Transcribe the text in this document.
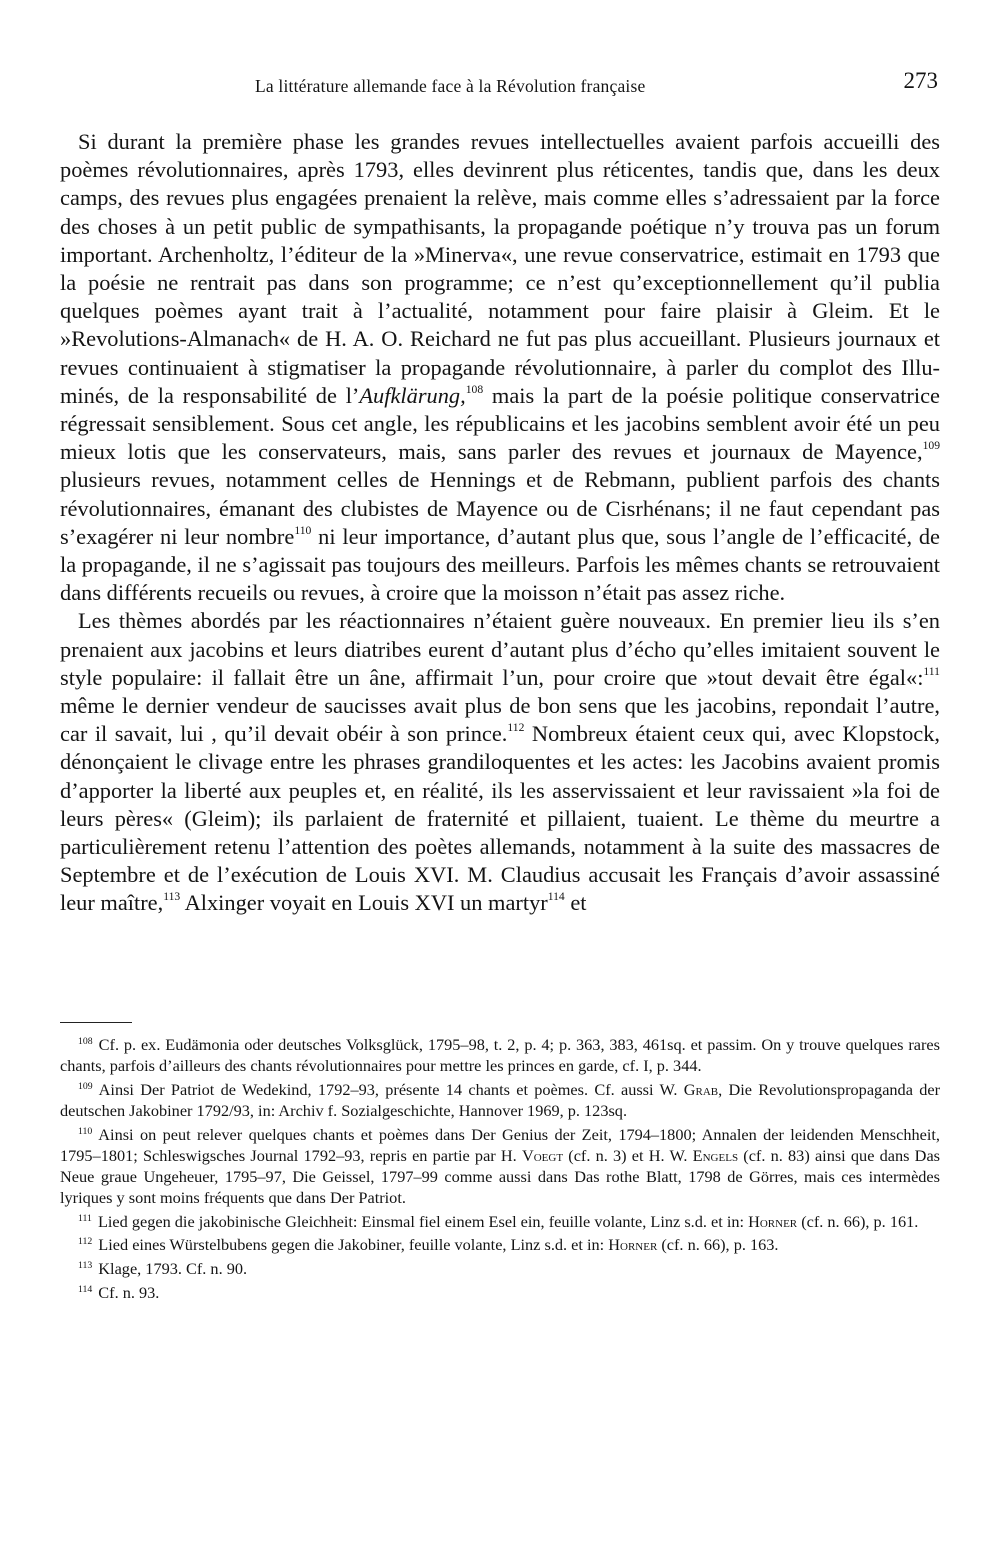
La littérature allemande face à la Révolution française	273

Si durant la première phase les grandes revues intellectuelles avaient parfois accueilli des poèmes révolutionnaires, après 1793, elles devinrent plus réticentes, tandis que, dans les deux camps, des revues plus engagées prenaient la relève, mais comme elles s’adressaient par la force des choses à un petit public de sympathisants, la propagande poétique n’y trouva pas un forum important. Archenholtz, l’éditeur de la »Minerva«, une revue conservatrice, estimait en 1793 que la poésie ne rentrait pas dans son programme; ce n’est qu’exceptionnellement qu’il publia quelques poèmes ayant trait à l’actualité, notamment pour faire plaisir à Gleim. Et le »Revolutions-Almanach« de H. A. O. Reichard ne fut pas plus accueillant. Plusieurs journaux et revues continuaient à stigmatiser la propagande révolutionnaire, à parler du complot des Illuminés, de la responsabilité de l’Aufklärung,$^{108}$ mais la part de la poésie politique conservatrice régressait sensiblement. Sous cet angle, les républicains et les jacobins semblent avoir été un peu mieux lotis que les conservateurs, mais, sans parler des revues et journaux de Mayence,$^{109}$ plusieurs revues, notamment celles de Hennings et de Rebmann, publient parfois des chants révolutionnaires, émanant des clubistes de Mayence ou de Cisrhénans; il ne faut cependant pas s’exagérer ni leur nombre$^{110}$ ni leur importance, d’autant plus que, sous l’angle de l’efficacité, de la propagande, il ne s’agissait pas toujours des meilleurs. Parfois les mêmes chants se retrouvaient dans différents recueils ou revues, à croire que la moisson n’était pas assez riche.

Les thèmes abordés par les réactionnaires n’étaient guère nouveaux. En premier lieu ils s’en prenaient aux jacobins et leurs diatribes eurent d’autant plus d’écho qu’elles imitaient souvent le style populaire: il fallait être un âne, affirmait l’un, pour croire que »tout devait être égal«:$^{111}$ même le dernier vendeur de saucisses avait plus de bon sens que les jacobins, repondait l’autre, car il savait, lui , qu’il devait obéir à son prince.$^{112}$ Nombreux étaient ceux qui, avec Klopstock, dénonçaient le clivage entre les phrases grandiloquentes et les actes: les Jacobins avaient promis d’apporter la liberté aux peuples et, en réalité, ils les asservissaient et leur ravissaient »la foi de leurs pères« (Gleim); ils parlaient de fraternité et pillaient, tuaient. Le thème du meurtre a particulièrement retenu l’attention des poètes allemands, notamment à la suite des massacres de Septembre et de l’exécution de Louis XVI. M. Claudius accusait les Français d’avoir assassiné leur maître,$^{113}$ Alxinger voyait en Louis XVI un martyr$^{114}$ et

$^{108}$ Cf. p. ex. Eudämonia oder deutsches Volksglück, 1795–98, t. 2, p. 4; p. 363, 383, 461sq. et passim. On y trouve quelques rares chants, parfois d’ailleurs des chants révolutionnaires pour mettre les princes en garde, cf. I, p. 344.

$^{109}$ Ainsi Der Patriot de Wedekind, 1792–93, présente 14 chants et poèmes. Cf. aussi W. Grab, Die Revolutionspropaganda der deutschen Jakobiner 1792/93, in: Archiv f. Sozialgeschichte, Hannover 1969, p. 123sq.

$^{110}$ Ainsi on peut relever quelques chants et poèmes dans Der Genius der Zeit, 1794–1800; Annalen der leidenden Menschheit, 1795–1801; Schleswigsches Journal 1792–93, repris en partie par H. Voegt (cf. n. 3) et H. W. Engels (cf. n. 83) ainsi que dans Das Neue graue Ungeheuer, 1795–97, Die Geissel, 1797–99 comme aussi dans Das rothe Blatt, 1798 de Görres, mais ces intermèdes lyriques y sont moins fréquents que dans Der Patriot.

$^{111}$ Lied gegen die jakobinische Gleichheit: Einsmal fiel einem Esel ein, feuille volante, Linz s.d. et in: Horner (cf. n. 66), p. 161.

$^{112}$ Lied eines Würstelbubens gegen die Jakobiner, feuille volante, Linz s.d. et in: Horner (cf. n. 66), p. 163.

$^{113}$ Klage, 1793. Cf. n. 90.

$^{114}$ Cf. n. 93.
